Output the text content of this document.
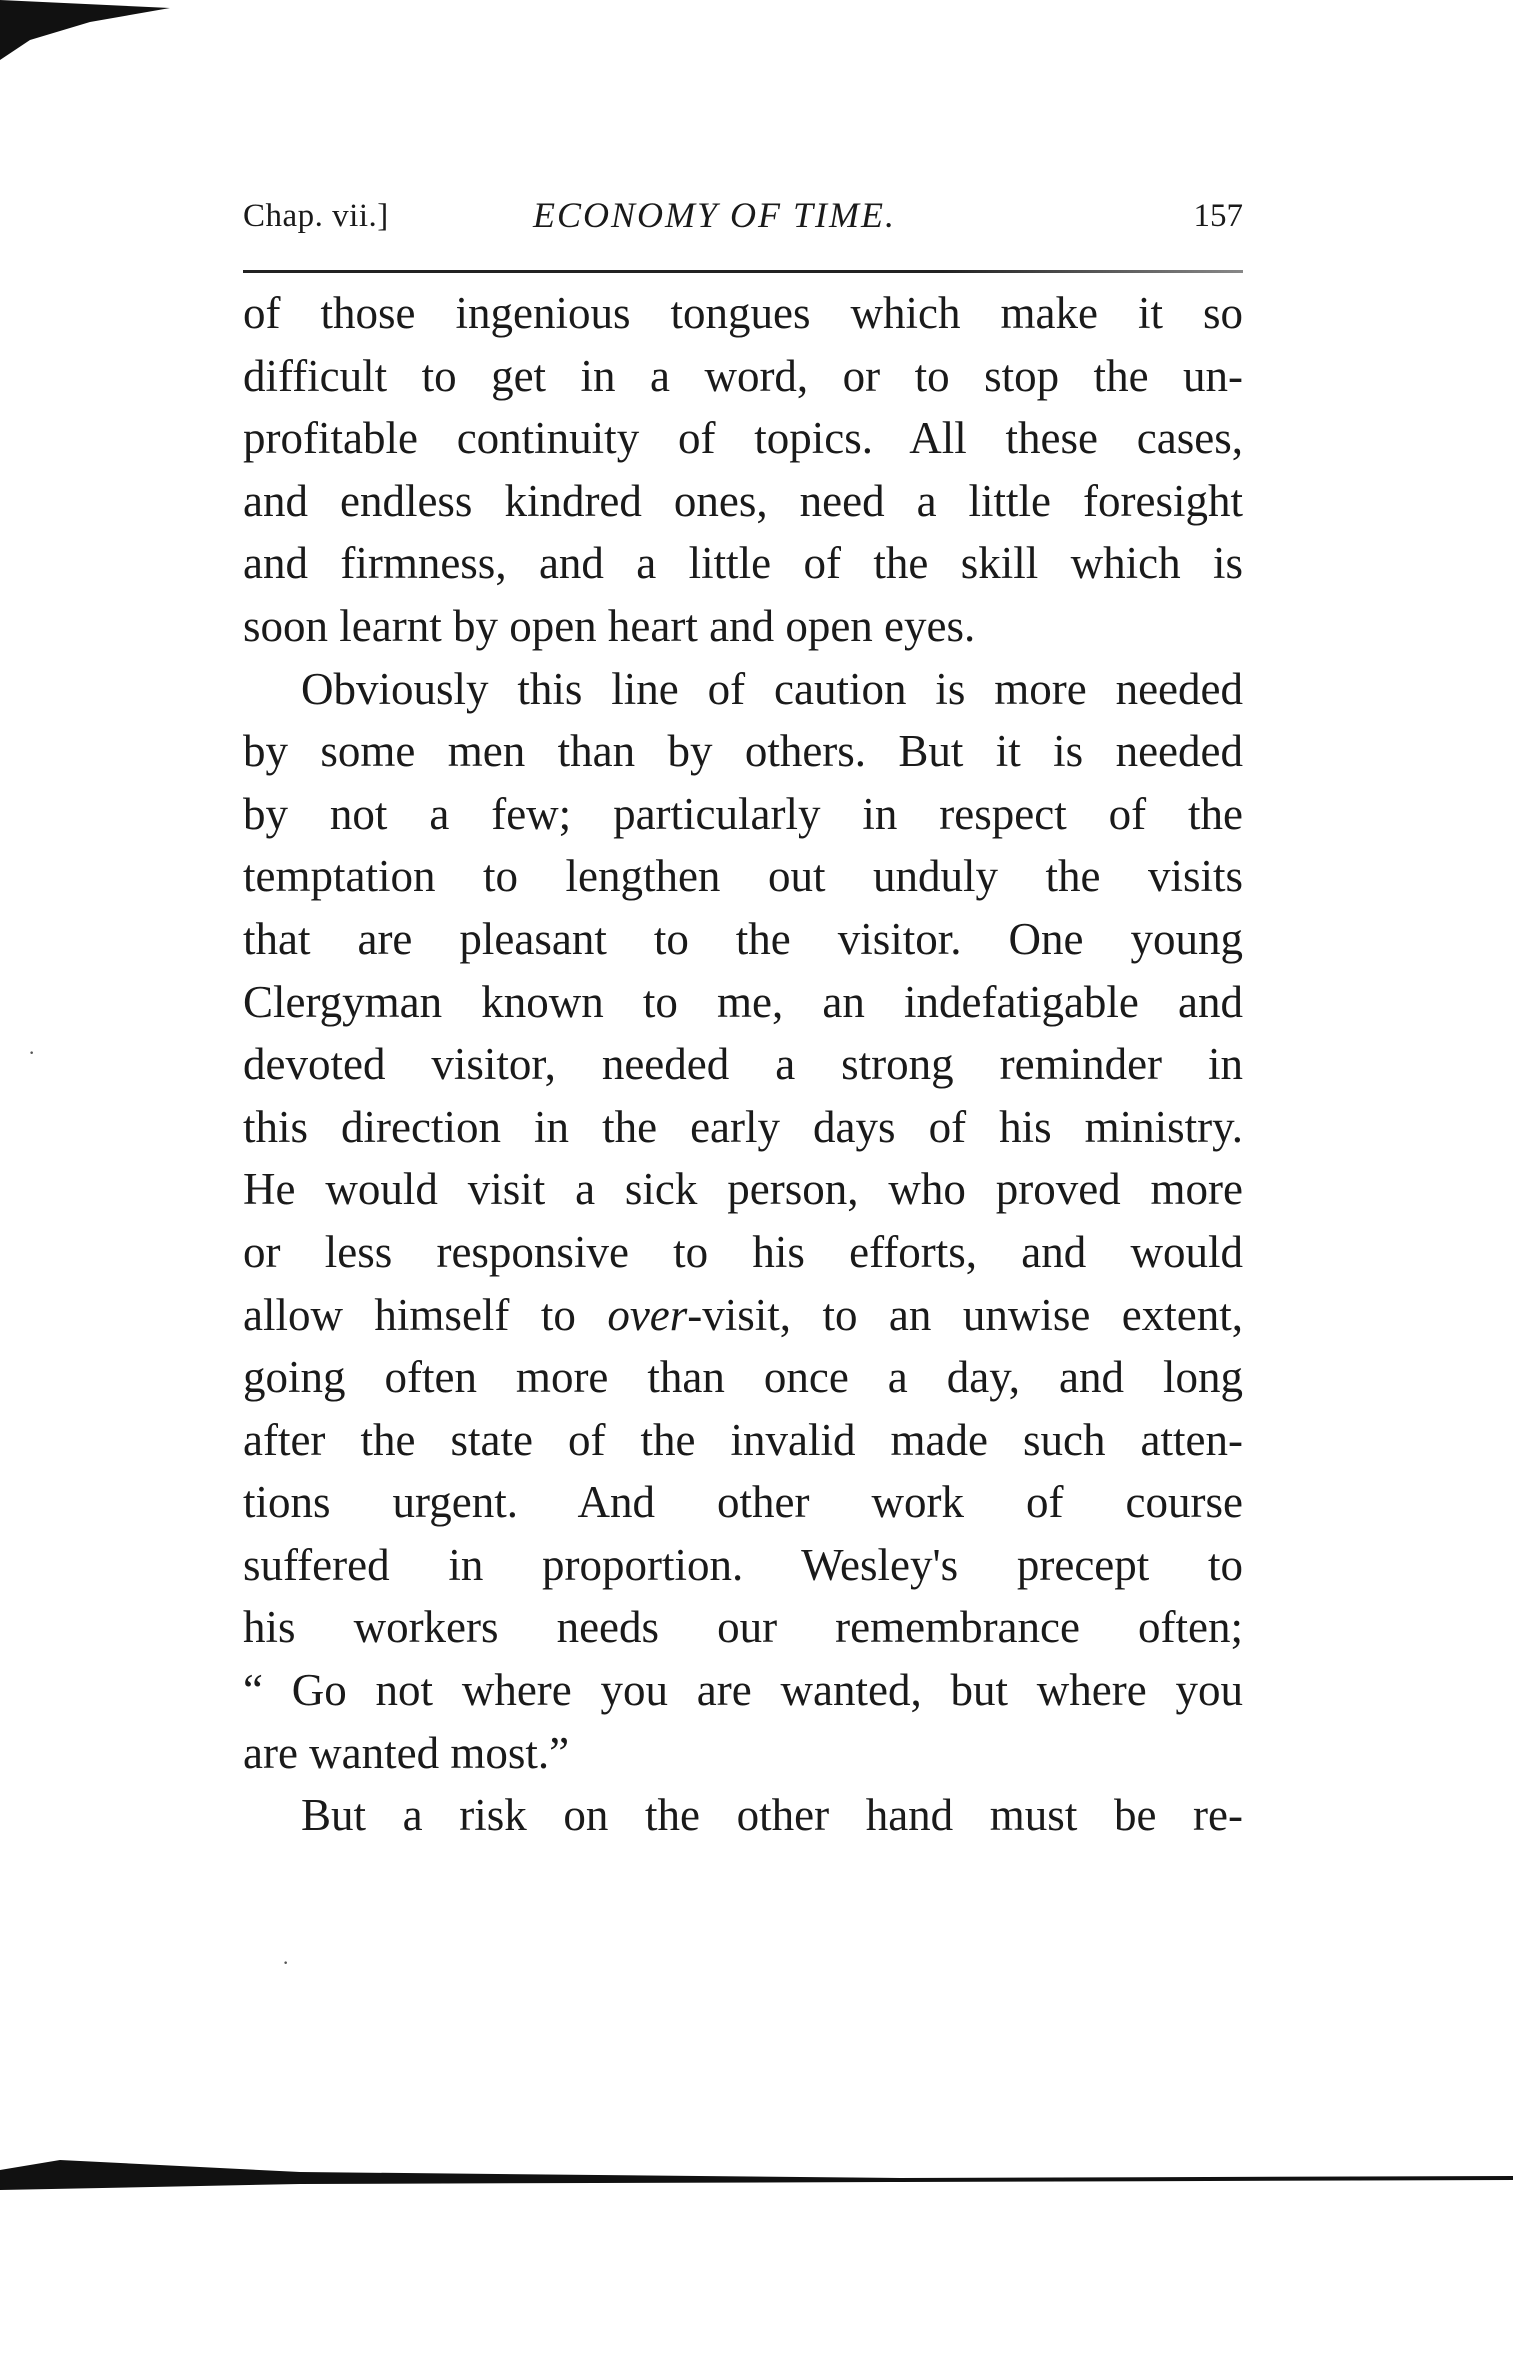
Chap. vii.]	ECONOMY OF TIME.	157
of those ingenious tongues which make it so
difficult to get in a word, or to stop the un-
profitable continuity of topics. All these cases,
and endless kindred ones, need a little foresight
and firmness, and a little of the skill which is
soon learnt by open heart and open eyes.
Obviously this line of caution is more needed
by some men than by others. But it is needed
by not a few; particularly in respect of the
temptation to lengthen out unduly the visits
that are pleasant to the visitor. One young
Clergyman known to me, an indefatigable and
devoted visitor, needed a strong reminder in
this direction in the early days of his ministry.
He would visit a sick person, who proved more
or less responsive to his efforts, and would
allow himself to over-visit, to an unwise extent,
going often more than once a day, and long
after the state of the invalid made such atten-
tions urgent. And other work of course
suffered in proportion. Wesley's precept to
his workers needs our remembrance often;
“ Go not where you are wanted, but where you
are wanted most.”
But a risk on the other hand must be re-
·
·
